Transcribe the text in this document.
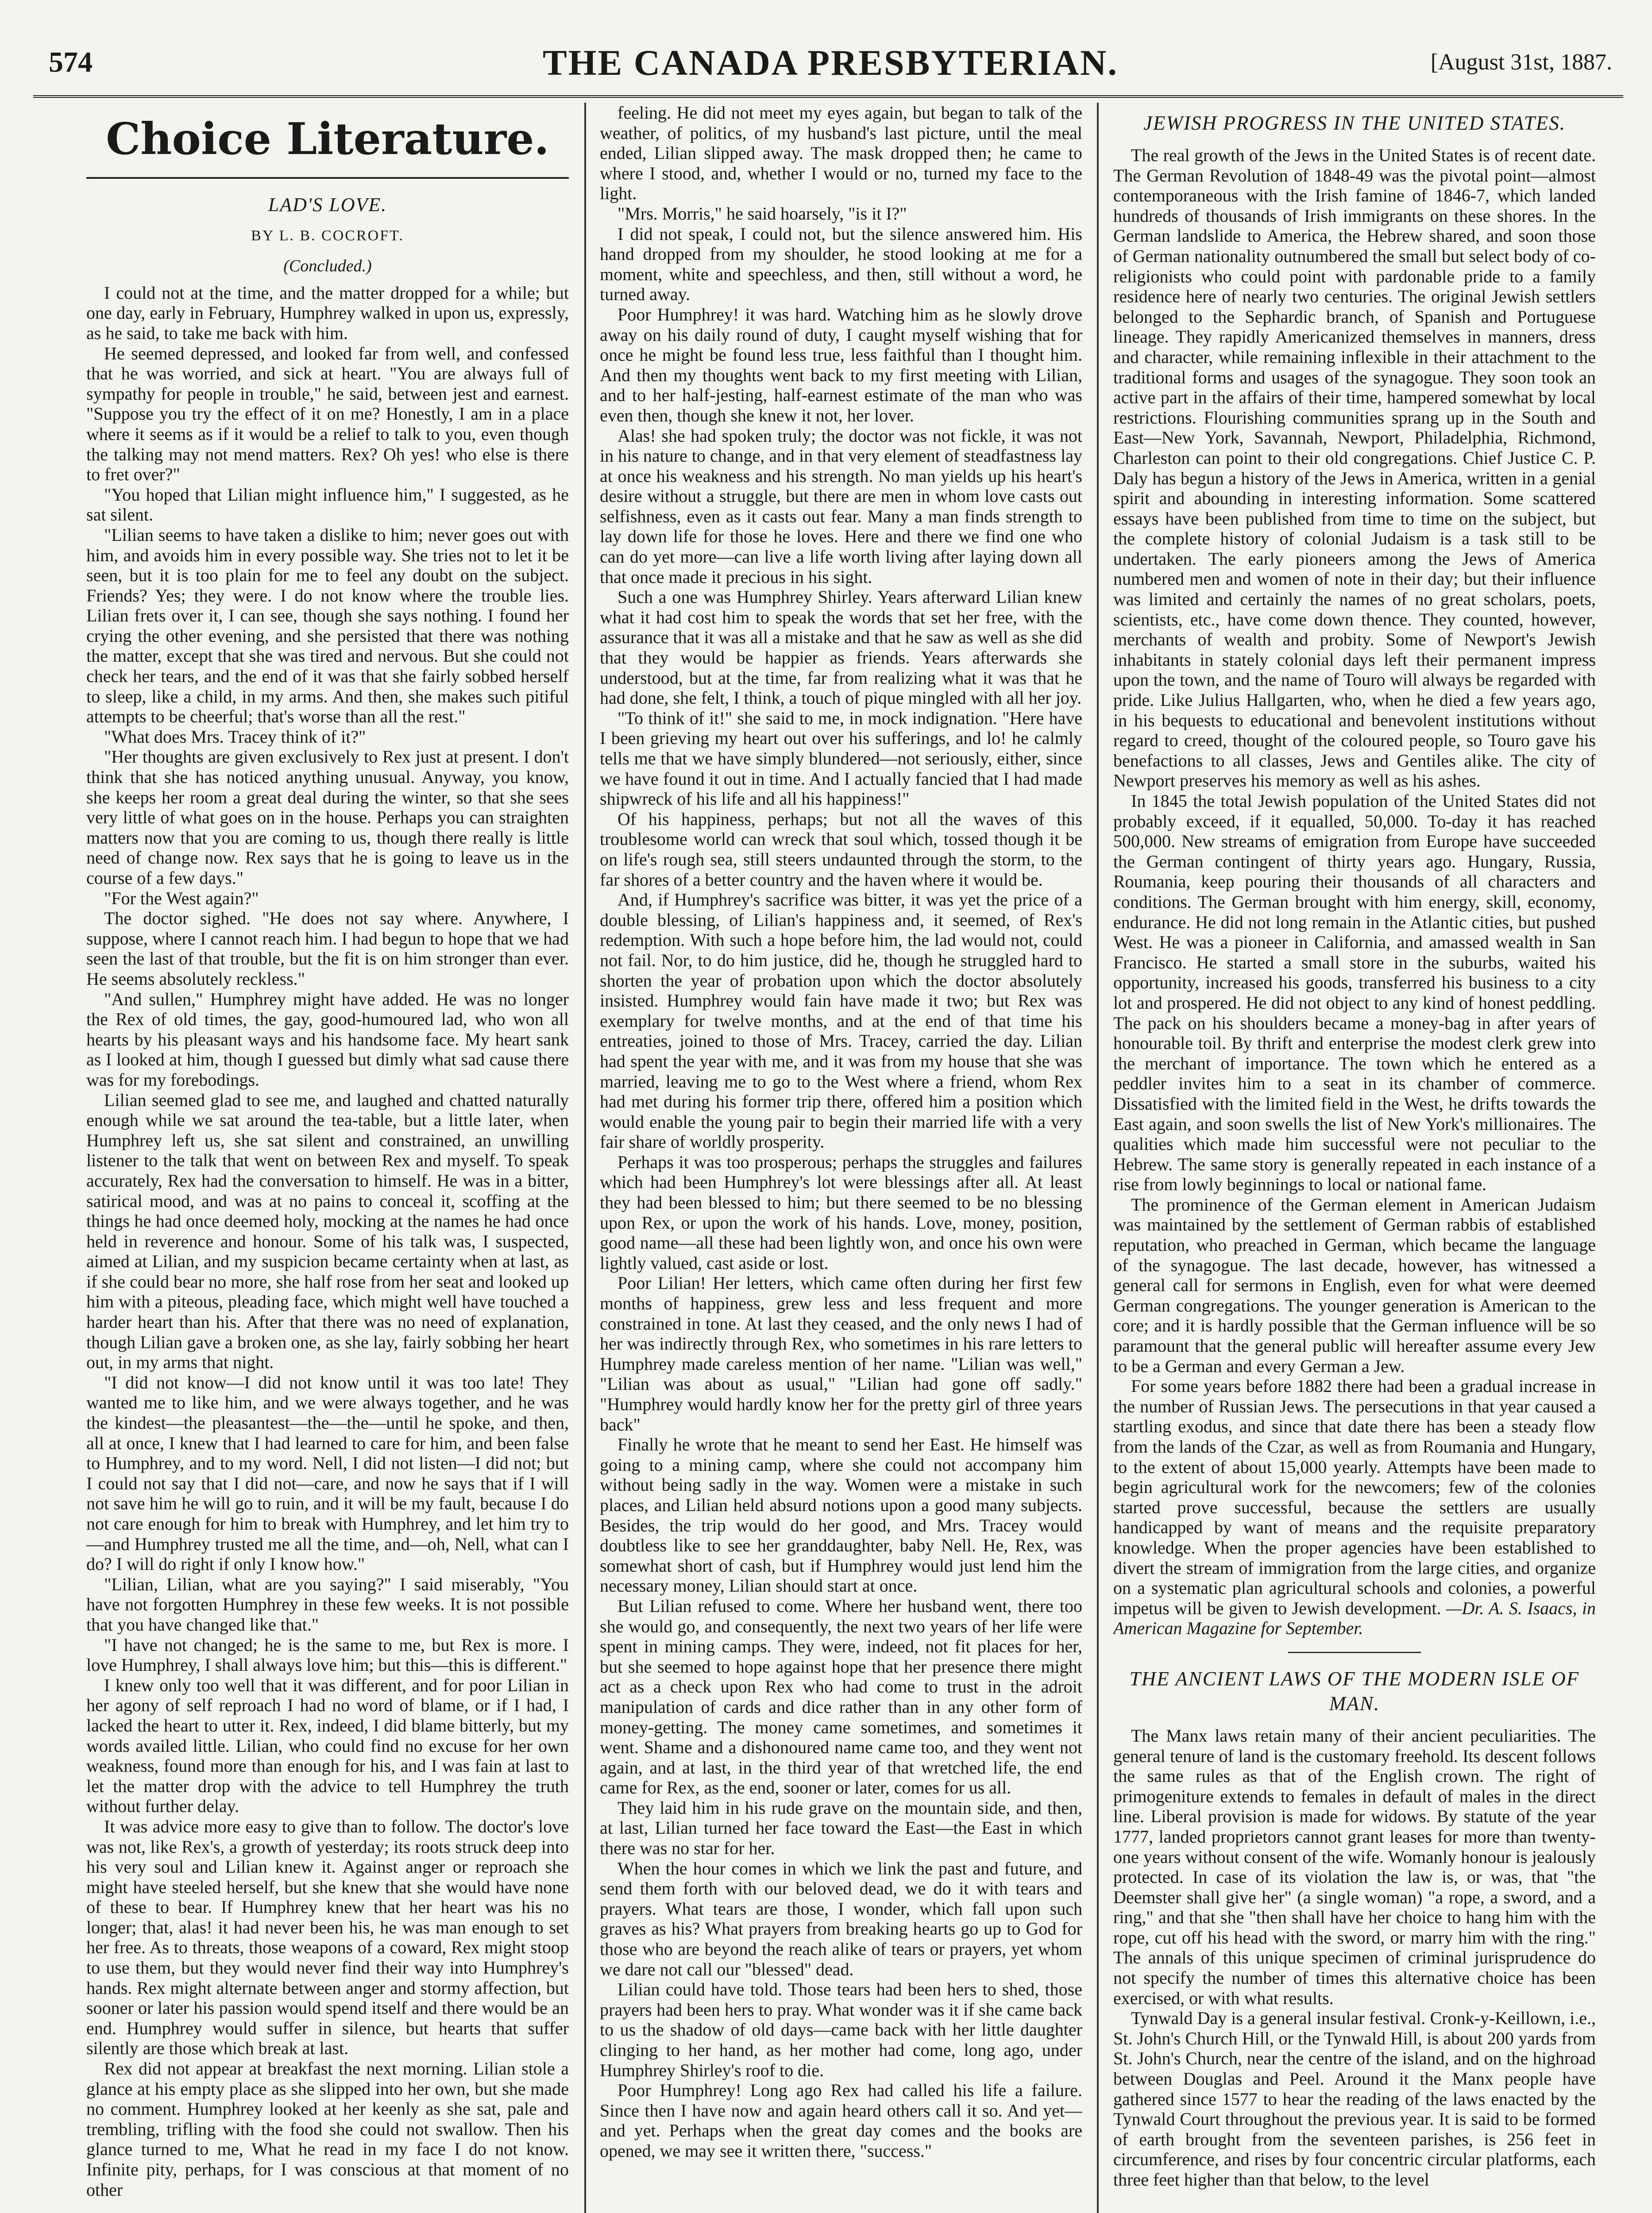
574	THE CANADA PRESBYTERIAN.	[August 31st, 1887.
Choice Literature.
LAD'S LOVE.
BY L. B. COCROFT.
(Concluded.)

I could not at the time, and the matter dropped for a while; but one day, early in February, Humphrey walked in upon us, expressly, as he said, to take me back with him.

He seemed depressed, and looked far from well, and confessed that he was worried, and sick at heart. "You are always full of sympathy for people in trouble," he said, between jest and earnest. "Suppose you try the effect of it on me? Honestly, I am in a place where it seems as if it would be a relief to talk to you, even though the talking may not mend matters. Rex? Oh yes! who else is there to fret over?"

"You hoped that Lilian might influence him," I suggested, as he sat silent.

"Lilian seems to have taken a dislike to him; never goes out with him, and avoids him in every possible way. She tries not to let it be seen, but it is too plain for me to feel any doubt on the subject. Friends? Yes; they were. I do not know where the trouble lies. Lilian frets over it, I can see, though she says nothing. I found her crying the other evening, and she persisted that there was nothing the matter, except that she was tired and nervous. But she could not check her tears, and the end of it was that she fairly sobbed herself to sleep, like a child, in my arms. And then, she makes such pitiful attempts to be cheerful; that's worse than all the rest."

"What does Mrs. Tracey think of it?"

"Her thoughts are given exclusively to Rex just at present. I don't think that she has noticed anything unusual. Anyway, you know, she keeps her room a great deal during the winter, so that she sees very little of what goes on in the house. Perhaps you can straighten matters now that you are coming to us, though there really is little need of change now. Rex says that he is going to leave us in the course of a few days."

"For the West again?"

The doctor sighed. "He does not say where. Anywhere, I suppose, where I cannot reach him. I had begun to hope that we had seen the last of that trouble, but the fit is on him stronger than ever. He seems absolutely reckless."

"And sullen," Humphrey might have added. He was no longer the Rex of old times, the gay, good-humoured lad, who won all hearts by his pleasant ways and his handsome face. My heart sank as I looked at him, though I guessed but dimly what sad cause there was for my forebodings.

Lilian seemed glad to see me, and laughed and chatted naturally enough while we sat around the tea-table, but a little later, when Humphrey left us, she sat silent and constrained, an unwilling listener to the talk that went on between Rex and myself. To speak accurately, Rex had the conversation to himself. He was in a bitter, satirical mood, and was at no pains to conceal it, scoffing at the things he had once deemed holy, mocking at the names he had once held in reverence and honour. Some of his talk was, I suspected, aimed at Lilian, and my suspicion became certainty when at last, as if she could bear no more, she half rose from her seat and looked up him with a piteous, pleading face, which might well have touched a harder heart than his. After that there was no need of explanation, though Lilian gave a broken one, as she lay, fairly sobbing her heart out, in my arms that night.

"I did not know—I did not know until it was too late! They wanted me to like him, and we were always together, and he was the kindest—the pleasantest—the—the—until he spoke, and then, all at once, I knew that I had learned to care for him, and been false to Humphrey, and to my word. Nell, I did not listen—I did not; but I could not say that I did not—care, and now he says that if I will not save him he will go to ruin, and it will be my fault, because I do not care enough for him to break with Humphrey, and let him try to—and Humphrey trusted me all the time, and—oh, Nell, what can I do? I will do right if only I know how."

"Lilian, Lilian, what are you saying?" I said miserably, "You have not forgotten Humphrey in these few weeks. It is not possible that you have changed like that."

"I have not changed; he is the same to me, but Rex is more. I love Humphrey, I shall always love him; but this—this is different."

I knew only too well that it was different, and for poor Lilian in her agony of self reproach I had no word of blame, or if I had, I lacked the heart to utter it. Rex, indeed, I did blame bitterly, but my words availed little. Lilian, who could find no excuse for her own weakness, found more than enough for his, and I was fain at last to let the matter drop with the advice to tell Humphrey the truth without further delay.

It was advice more easy to give than to follow. The doctor's love was not, like Rex's, a growth of yesterday; its roots struck deep into his very soul and Lilian knew it. Against anger or reproach she might have steeled herself, but she knew that she would have none of these to bear. If Humphrey knew that her heart was his no longer; that, alas! it had never been his, he was man enough to set her free. As to threats, those weapons of a coward, Rex might stoop to use them, but they would never find their way into Humphrey's hands. Rex might alternate between anger and stormy affection, but sooner or later his passion would spend itself and there would be an end. Humphrey would suffer in silence, but hearts that suffer silently are those which break at last.

Rex did not appear at breakfast the next morning. Lilian stole a glance at his empty place as she slipped into her own, but she made no comment. Humphrey looked at her keenly as she sat, pale and trembling, trifling with the food she could not swallow. Then his glance turned to me, What he read in my face I do not know. Infinite pity, perhaps, for I was conscious at that moment of no other

feeling. He did not meet my eyes again, but began to talk of the weather, of politics, of my husband's last picture, until the meal ended, Lilian slipped away. The mask dropped then; he came to where I stood, and, whether I would or no, turned my face to the light.

"Mrs. Morris," he said hoarsely, "is it I?"

I did not speak, I could not, but the silence answered him. His hand dropped from my shoulder, he stood looking at me for a moment, white and speechless, and then, still without a word, he turned away.

Poor Humphrey! it was hard. Watching him as he slowly drove away on his daily round of duty, I caught myself wishing that for once he might be found less true, less faithful than I thought him. And then my thoughts went back to my first meeting with Lilian, and to her half-jesting, half-earnest estimate of the man who was even then, though she knew it not, her lover.

Alas! she had spoken truly; the doctor was not fickle, it was not in his nature to change, and in that very element of steadfastness lay at once his weakness and his strength. No man yields up his heart's desire without a struggle, but there are men in whom love casts out selfishness, even as it casts out fear. Many a man finds strength to lay down life for those he loves. Here and there we find one who can do yet more—can live a life worth living after laying down all that once made it precious in his sight.

Such a one was Humphrey Shirley. Years afterward Lilian knew what it had cost him to speak the words that set her free, with the assurance that it was all a mistake and that he saw as well as she did that they would be happier as friends. Years afterwards she understood, but at the time, far from realizing what it was that he had done, she felt, I think, a touch of pique mingled with all her joy.

"To think of it!" she said to me, in mock indignation. "Here have I been grieving my heart out over his sufferings, and lo! he calmly tells me that we have simply blundered—not seriously, either, since we have found it out in time. And I actually fancied that I had made shipwreck of his life and all his happiness!"

Of his happiness, perhaps; but not all the waves of this troublesome world can wreck that soul which, tossed though it be on life's rough sea, still steers undaunted through the storm, to the far shores of a better country and the haven where it would be.

And, if Humphrey's sacrifice was bitter, it was yet the price of a double blessing, of Lilian's happiness and, it seemed, of Rex's redemption. With such a hope before him, the lad would not, could not fail. Nor, to do him justice, did he, though he struggled hard to shorten the year of probation upon which the doctor absolutely insisted. Humphrey would fain have made it two; but Rex was exemplary for twelve months, and at the end of that time his entreaties, joined to those of Mrs. Tracey, carried the day. Lilian had spent the year with me, and it was from my house that she was married, leaving me to go to the West where a friend, whom Rex had met during his former trip there, offered him a position which would enable the young pair to begin their married life with a very fair share of worldly prosperity.

Perhaps it was too prosperous; perhaps the struggles and failures which had been Humphrey's lot were blessings after all. At least they had been blessed to him; but there seemed to be no blessing upon Rex, or upon the work of his hands. Love, money, position, good name—all these had been lightly won, and once his own were lightly valued, cast aside or lost.

Poor Lilian! Her letters, which came often during her first few months of happiness, grew less and less frequent and more constrained in tone. At last they ceased, and the only news I had of her was indirectly through Rex, who sometimes in his rare letters to Humphrey made careless mention of her name. "Lilian was well," "Lilian was about as usual," "Lilian had gone off sadly." "Humphrey would hardly know her for the pretty girl of three years back"

Finally he wrote that he meant to send her East. He himself was going to a mining camp, where she could not accompany him without being sadly in the way. Women were a mistake in such places, and Lilian held absurd notions upon a good many subjects. Besides, the trip would do her good, and Mrs. Tracey would doubtless like to see her granddaughter, baby Nell. He, Rex, was somewhat short of cash, but if Humphrey would just lend him the necessary money, Lilian should start at once.

But Lilian refused to come. Where her husband went, there too she would go, and consequently, the next two years of her life were spent in mining camps. They were, indeed, not fit places for her, but she seemed to hope against hope that her presence there might act as a check upon Rex who had come to trust in the adroit manipulation of cards and dice rather than in any other form of money-getting. The money came sometimes, and sometimes it went. Shame and a dishonoured name came too, and they went not again, and at last, in the third year of that wretched life, the end came for Rex, as the end, sooner or later, comes for us all.

They laid him in his rude grave on the mountain side, and then, at last, Lilian turned her face toward the East—the East in which there was no star for her.

When the hour comes in which we link the past and future, and send them forth with our beloved dead, we do it with tears and prayers. What tears are those, I wonder, which fall upon such graves as his? What prayers from breaking hearts go up to God for those who are beyond the reach alike of tears or prayers, yet whom we dare not call our "blessed" dead.

Lilian could have told. Those tears had been hers to shed, those prayers had been hers to pray. What wonder was it if she came back to us the shadow of old days—came back with her little daughter clinging to her hand, as her mother had come, long ago, under Humphrey Shirley's roof to die.

Poor Humphrey! Long ago Rex had called his life a failure. Since then I have now and again heard others call it so. And yet—and yet. Perhaps when the great day comes and the books are opened, we may see it written there, "success."

JEWISH PROGRESS IN THE UNITED STATES.

The real growth of the Jews in the United States is of recent date. The German Revolution of 1848-49 was the pivotal point—almost contemporaneous with the Irish famine of 1846-7, which landed hundreds of thousands of Irish immigrants on these shores. In the German landslide to America, the Hebrew shared, and soon those of German nationality outnumbered the small but select body of co-religionists who could point with pardonable pride to a family residence here of nearly two centuries. The original Jewish settlers belonged to the Sephardic branch, of Spanish and Portuguese lineage. They rapidly Americanized themselves in manners, dress and character, while remaining inflexible in their attachment to the traditional forms and usages of the synagogue. They soon took an active part in the affairs of their time, hampered somewhat by local restrictions. Flourishing communities sprang up in the South and East—New York, Savannah, Newport, Philadelphia, Richmond, Charleston can point to their old congregations. Chief Justice C. P. Daly has begun a history of the Jews in America, written in a genial spirit and abounding in interesting information. Some scattered essays have been published from time to time on the subject, but the complete history of colonial Judaism is a task still to be undertaken. The early pioneers among the Jews of America numbered men and women of note in their day; but their influence was limited and certainly the names of no great scholars, poets, scientists, etc., have come down thence. They counted, however, merchants of wealth and probity. Some of Newport's Jewish inhabitants in stately colonial days left their permanent impress upon the town, and the name of Touro will always be regarded with pride. Like Julius Hallgarten, who, when he died a few years ago, in his bequests to educational and benevolent institutions without regard to creed, thought of the coloured people, so Touro gave his benefactions to all classes, Jews and Gentiles alike. The city of Newport preserves his memory as well as his ashes.

In 1845 the total Jewish population of the United States did not probably exceed, if it equalled, 50,000. To-day it has reached 500,000. New streams of emigration from Europe have succeeded the German contingent of thirty years ago. Hungary, Russia, Roumania, keep pouring their thousands of all characters and conditions. The German brought with him energy, skill, economy, endurance. He did not long remain in the Atlantic cities, but pushed West. He was a pioneer in California, and amassed wealth in San Francisco. He started a small store in the suburbs, waited his opportunity, increased his goods, transferred his business to a city lot and prospered. He did not object to any kind of honest peddling. The pack on his shoulders became a money-bag in after years of honourable toil. By thrift and enterprise the modest clerk grew into the merchant of importance. The town which he entered as a peddler invites him to a seat in its chamber of commerce. Dissatisfied with the limited field in the West, he drifts towards the East again, and soon swells the list of New York's millionaires. The qualities which made him successful were not peculiar to the Hebrew. The same story is generally repeated in each instance of a rise from lowly beginnings to local or national fame.

The prominence of the German element in American Judaism was maintained by the settlement of German rabbis of established reputation, who preached in German, which became the language of the synagogue. The last decade, however, has witnessed a general call for sermons in English, even for what were deemed German congregations. The younger generation is American to the core; and it is hardly possible that the German influence will be so paramount that the general public will hereafter assume every Jew to be a German and every German a Jew.

For some years before 1882 there had been a gradual increase in the number of Russian Jews. The persecutions in that year caused a startling exodus, and since that date there has been a steady flow from the lands of the Czar, as well as from Roumania and Hungary, to the extent of about 15,000 yearly. Attempts have been made to begin agricultural work for the newcomers; few of the colonies started prove successful, because the settlers are usually handicapped by want of means and the requisite preparatory knowledge. When the proper agencies have been established to divert the stream of immigration from the large cities, and organize on a systematic plan agricultural schools and colonies, a powerful impetus will be given to Jewish development. —Dr. A. S. Isaacs, in American Magazine for September.

THE ANCIENT LAWS OF THE MODERN ISLE OF MAN.

The Manx laws retain many of their ancient peculiarities. The general tenure of land is the customary freehold. Its descent follows the same rules as that of the English crown. The right of primogeniture extends to females in default of males in the direct line. Liberal provision is made for widows. By statute of the year 1777, landed proprietors cannot grant leases for more than twenty-one years without consent of the wife. Womanly honour is jealously protected. In case of its violation the law is, or was, that "the Deemster shall give her" (a single woman) "a rope, a sword, and a ring," and that she "then shall have her choice to hang him with the rope, cut off his head with the sword, or marry him with the ring." The annals of this unique specimen of criminal jurisprudence do not specify the number of times this alternative choice has been exercised, or with what results.

Tynwald Day is a general insular festival. Cronk-y-Keillown, i.e., St. John's Church Hill, or the Tynwald Hill, is about 200 yards from St. John's Church, near the centre of the island, and on the highroad between Douglas and Peel. Around it the Manx people have gathered since 1577 to hear the reading of the laws enacted by the Tynwald Court throughout the previous year. It is said to be formed of earth brought from the seventeen parishes, is 256 feet in circumference, and rises by four concentric circular platforms, each three feet higher than that below, to the level
